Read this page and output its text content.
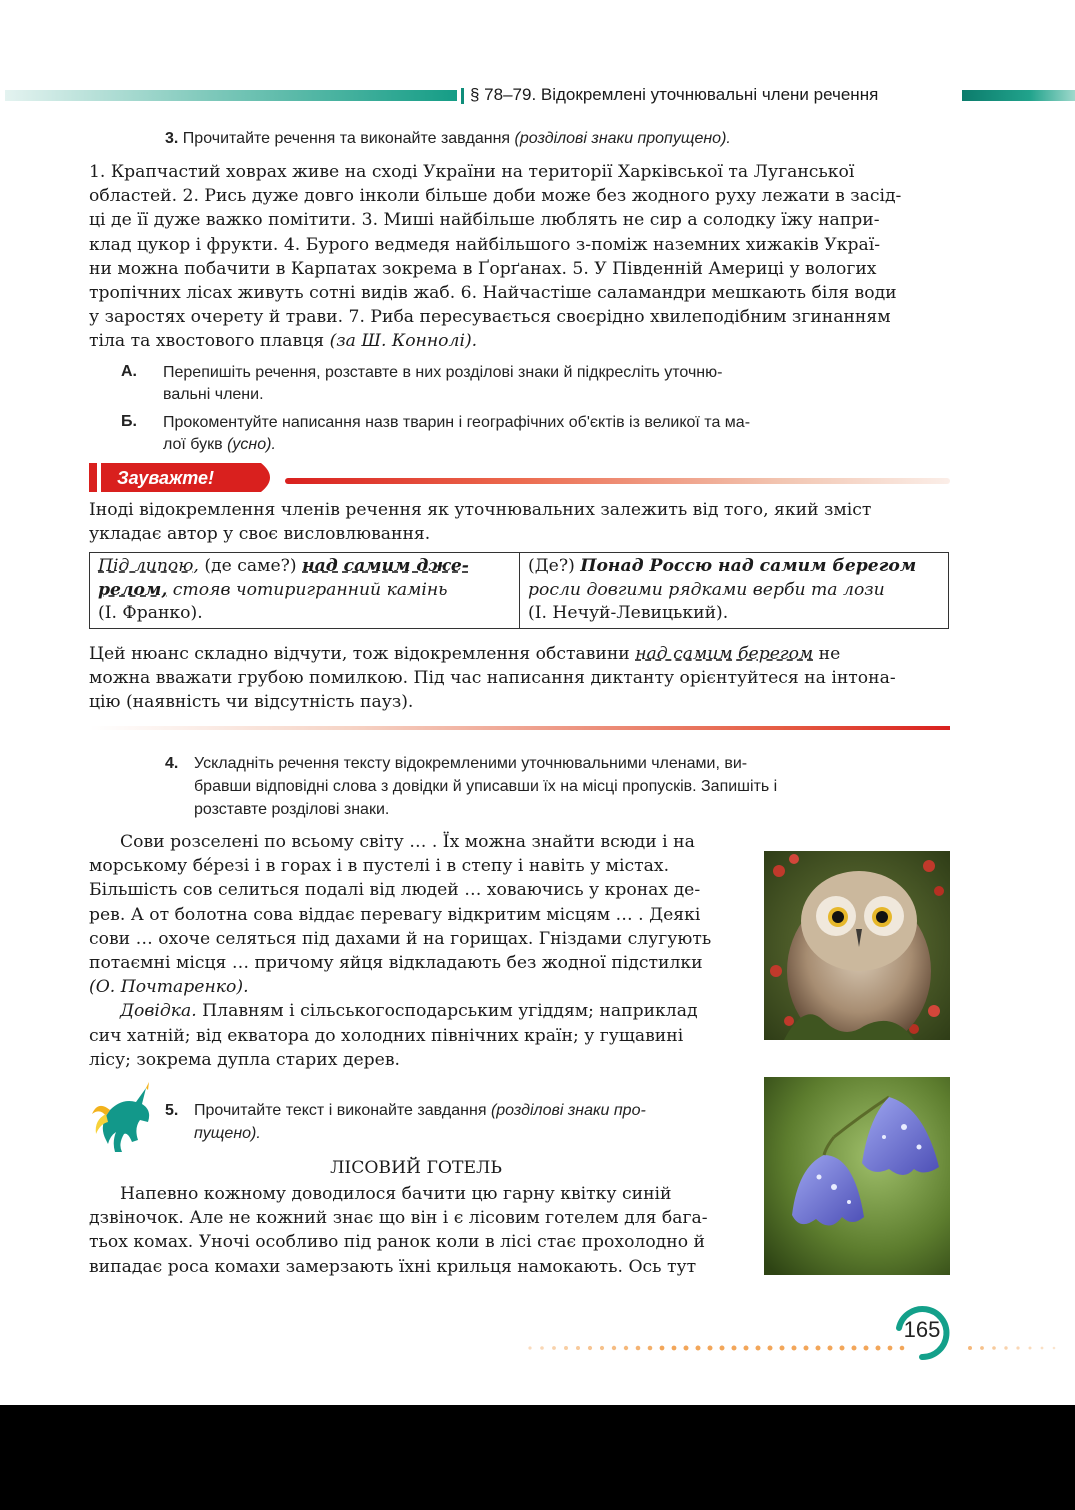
§ 78–79. Відокремлені уточнювальні члени речення
3. Прочитайте речення та виконайте завдання (розділові знаки пропущено).
1. Крапчастий ховрах живе на сході України на території Харківської та Луганської
областей. 2. Рись дуже довго інколи більше доби може без жодного руху лежати в засід-
ці де її дуже важко помітити. 3. Миші найбільше люблять не сир а солодку їжу напри-
клад цукор і фрукти. 4. Бурого ведмедя найбільшого з-поміж наземних хижаків Украї-
ни можна побачити в Карпатах зокрема в Ґорґанах. 5. У Південній Америці у вологих
тропічних лісах живуть сотні видів жаб. 6. Найчастіше саламандри мешкають біля води
у заростях очерету й трави. 7. Риба пересувається своєрідно хвилеподібним згинанням
тіла та хвостового плавця (за Ш. Коннолі).
А. Перепишіть речення, розставте в них розділові знаки й підкресліть уточню-
вальні члени.
Б. Прокоментуйте написання назв тварин і географічних об'єктів із великої та ма-
лої букв (усно).
Зауважте!
Іноді відокремлення членів речення як уточнювальних залежить від того, який зміст
укладає автор у своє висловлювання.
Під липою, (де саме?) над самим дже-
релом, стояв чотиригранний камінь
(І. Франко).	(Де?) Понад Россю над самим берегом
росли довгими рядками верби та лози
(І. Нечуй-Левицький).
Цей нюанс складно відчути, тож відокремлення обставини над самим берегом не
можна вважати грубою помилкою. Під час написання диктанту орієнтуйтеся на інтона-
цію (наявність чи відсутність пауз).
4. Ускладніть речення тексту відокремленими уточнювальними членами, ви-
бравши відповідні слова з довідки й уписавши їх на місці пропусків. Запишіть і
розставте розділові знаки.
Сови розселені по всьому світу … . Їх можна знайти всюди і на
морському бéрезі і в горах і в пустелі і в степу і навіть у містах.
Більшість сов селиться подалі від людей … ховаючись у кронах де-
рев. А от болотна сова віддає перевагу відкритим місцям … . Деякі
сови … охоче селяться під дахами й на горищах. Гніздами слугують
потаємні місця … причому яйця відкладають без жодної підстилки
(О. Почтаренко).
Довідка. Плавням і сільськогосподарським угіддям; наприклад
сич хатній; від екватора до холодних північних країн; у гущавині
лісу; зокрема дупла старих дерев.
5. Прочитайте текст і виконайте завдання (розділові знаки про-
пущено).
ЛІСОВИЙ ГОТЕЛЬ
Напевно кожному доводилося бачити цю гарну квітку синій
дзвіночок. Але не кожний знає що він і є лісовим готелем для бага-
тьох комах. Уночі особливо під ранок коли в лісі стає прохолодно й
випадає роса комахи замерзають їхні крильця намокають. Ось тут
165
